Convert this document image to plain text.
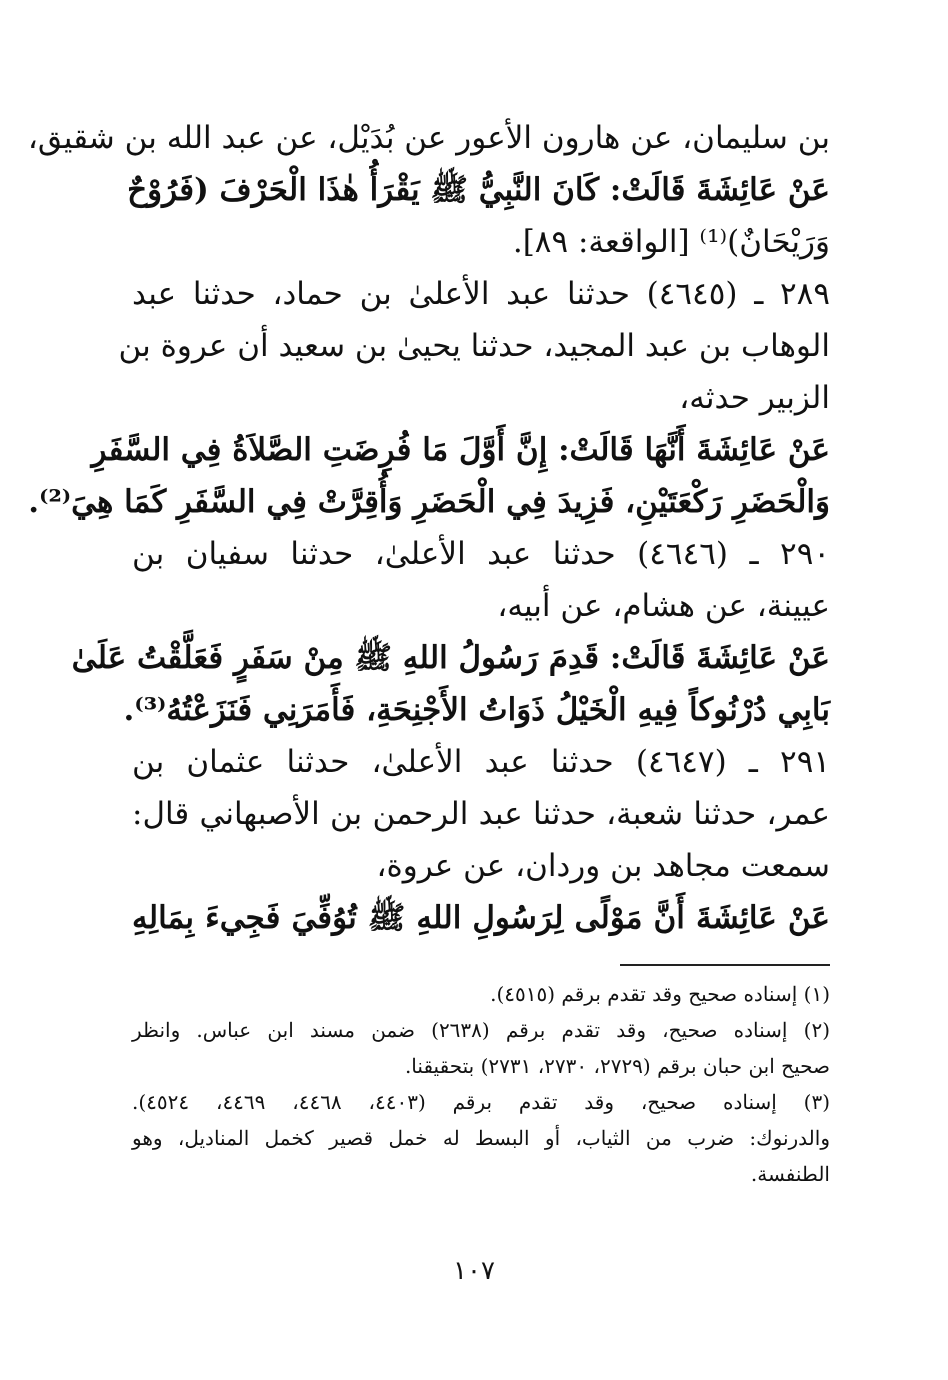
بن سليمان، عن هارون الأعور عن بُدَيْل، عن عبد الله بن شقيق،
عَنْ عَائِشَةَ قَالَتْ: كَانَ النَّبِيُّ ﷺ يَقْرَأُ هٰذَا الْحَرْفَ (فَرُوْحٌ
وَرَيْحَانٌ)⁽¹⁾ [الواقعة: ٨٩].
٢٨٩ ـ (٤٦٤٥) حدثنا عبد الأعلىٰ بن حماد، حدثنا عبد
الوهاب بن عبد المجيد، حدثنا يحيىٰ بن سعيد أن عروة بن
الزبير حدثه،
عَنْ عَائِشَةَ أَنَّهَا قَالَتْ: إِنَّ أَوَّلَ مَا فُرِضَتِ الصَّلاَةُ فِي السَّفَرِ
وَالْحَضَرِ رَكْعَتَيْنِ، فَزِيدَ فِي الْحَضَرِ وَأُقِرَّتْ فِي السَّفَرِ كَمَا هِيَ⁽²⁾.
٢٩٠ ـ (٤٦٤٦) حدثنا عبد الأعلىٰ، حدثنا سفيان بن
عيينة، عن هشام، عن أبيه،
عَنْ عَائِشَةَ قَالَتْ: قَدِمَ رَسُولُ اللهِ ﷺ مِنْ سَفَرٍ فَعَلَّقْتُ عَلَىٰ
بَابِي دُرْنُوكاً فِيهِ الْخَيْلُ ذَوَاتُ الأَجْنِحَةِ، فَأَمَرَنِي فَنَزَعْتُهُ⁽³⁾.
٢٩١ ـ (٤٦٤٧) حدثنا عبد الأعلىٰ، حدثنا عثمان بن
عمر، حدثنا شعبة، حدثنا عبد الرحمن بن الأصبهاني قال:
سمعت مجاهد بن وردان، عن عروة،
عَنْ عَائِشَةَ أَنَّ مَوْلًى لِرَسُولِ اللهِ ﷺ تُوُفِّيَ فَجِيءَ بِمَالِهِ
(١) إسناده صحيح وقد تقدم برقم (٤٥١٥).
(٢) إسناده صحيح، وقد تقدم برقم (٢٦٣٨) ضمن مسند ابن عباس. وانظر
صحيح ابن حبان برقم (٢٧٢٩، ٢٧٣٠، ٢٧٣١) بتحقيقنا.
(٣) إسناده صحيح، وقد تقدم برقم (٤٤٠٣، ٤٤٦٨، ٤٤٦٩، ٤٥٢٤).
والدرنوك: ضرب من الثياب، أو البسط له خمل قصير كخمل المناديل، وهو
الطنفسة.
١٠٧
